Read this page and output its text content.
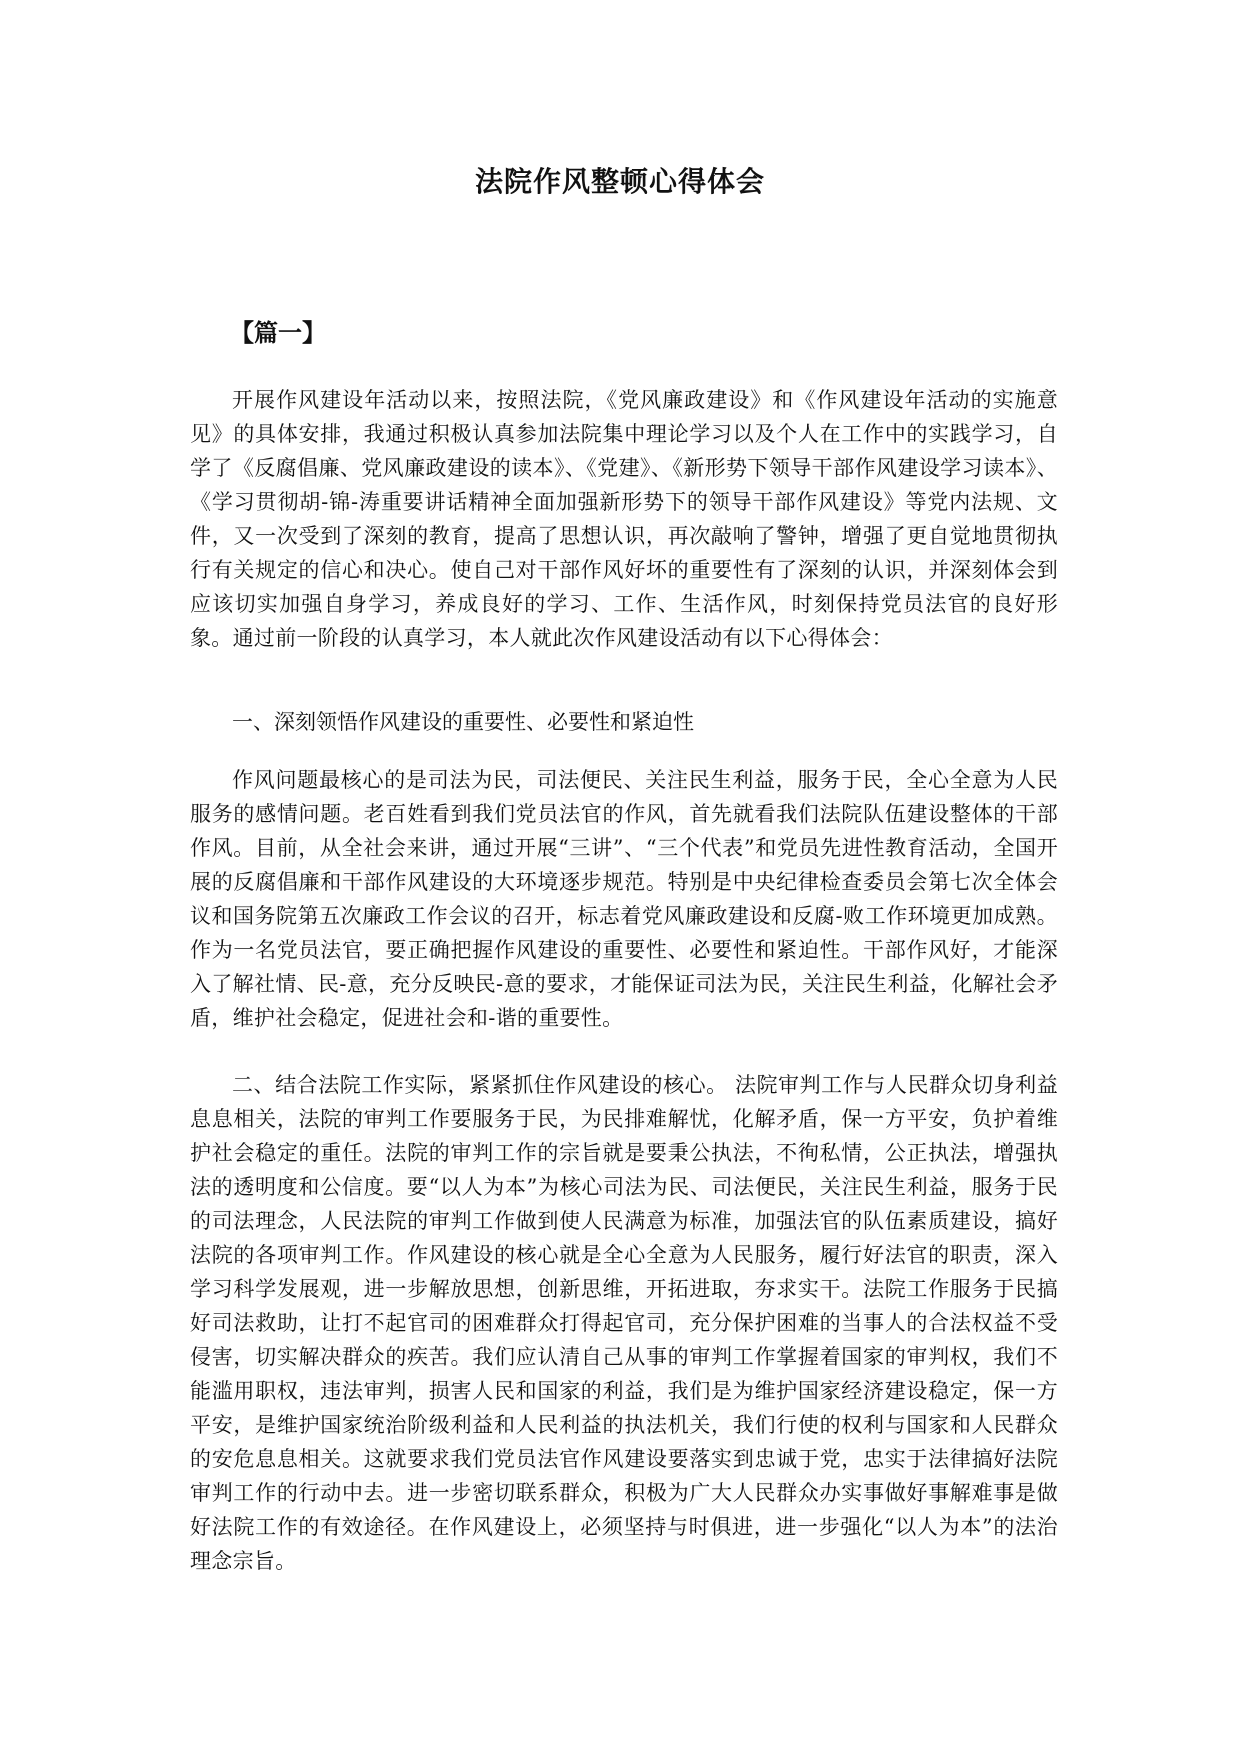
法院作风整顿心得体会
【篇一】

开展作风建设年活动以来，按照法院，《党风廉政建设》和《作风建设年活动的实施意见》的具体安排，我通过积极认真参加法院集中理论学习以及个人在工作中的实践学习，自学了《反腐倡廉、党风廉政建设的读本》、《党建》、《新形势下领导干部作风建设学习读本》、《学习贯彻胡-锦-涛重要讲话精神全面加强新形势下的领导干部作风建设》等党内法规、文件，又一次受到了深刻的教育，提高了思想认识，再次敲响了警钟，增强了更自觉地贯彻执行有关规定的信心和决心。使自己对干部作风好坏的重要性有了深刻的认识，并深刻体会到应该切实加强自身学习，养成良好的学习、工作、生活作风，时刻保持党员法官的良好形象。通过前一阶段的认真学习，本人就此次作风建设活动有以下心得体会：

一、深刻领悟作风建设的重要性、必要性和紧迫性

作风问题最核心的是司法为民，司法便民、关注民生利益，服务于民，全心全意为人民服务的感情问题。老百姓看到我们党员法官的作风，首先就看我们法院队伍建设整体的干部作风。目前，从全社会来讲，通过开展“三讲”、“三个代表”和党员先进性教育活动，全国开展的反腐倡廉和干部作风建设的大环境逐步规范。特别是中央纪律检查委员会第七次全体会议和国务院第五次廉政工作会议的召开，标志着党风廉政建设和反腐-败工作环境更加成熟。作为一名党员法官，要正确把握作风建设的重要性、必要性和紧迫性。干部作风好，才能深入了解社情、民-意，充分反映民-意的要求，才能保证司法为民，关注民生利益，化解社会矛盾，维护社会稳定，促进社会和-谐的重要性。

二、结合法院工作实际，紧紧抓住作风建设的核心。 法院审判工作与人民群众切身利益息息相关，法院的审判工作要服务于民，为民排难解忧，化解矛盾，保一方平安，负护着维护社会稳定的重任。法院的审判工作的宗旨就是要秉公执法，不徇私情，公正执法，增强执法的透明度和公信度。要“以人为本”为核心司法为民、司法便民，关注民生利益，服务于民的司法理念，人民法院的审判工作做到使人民满意为标准，加强法官的队伍素质建设，搞好法院的各项审判工作。作风建设的核心就是全心全意为人民服务，履行好法官的职责，深入学习科学发展观，进一步解放思想，创新思维，开拓进取，夯求实干。法院工作服务于民搞好司法救助，让打不起官司的困难群众打得起官司，充分保护困难的当事人的合法权益不受侵害，切实解决群众的疾苦。我们应认清自己从事的审判工作掌握着国家的审判权，我们不能滥用职权，违法审判，损害人民和国家的利益，我们是为维护国家经济建设稳定，保一方平安，是维护国家统治阶级利益和人民利益的执法机关，我们行使的权利与国家和人民群众的安危息息相关。这就要求我们党员法官作风建设要落实到忠诚于党，忠实于法律搞好法院审判工作的行动中去。进一步密切联系群众，积极为广大人民群众办实事做好事解难事是做好法院工作的有效途径。在作风建设上，必须坚持与时俱进，进一步强化“以人为本”的法治理念宗旨。
